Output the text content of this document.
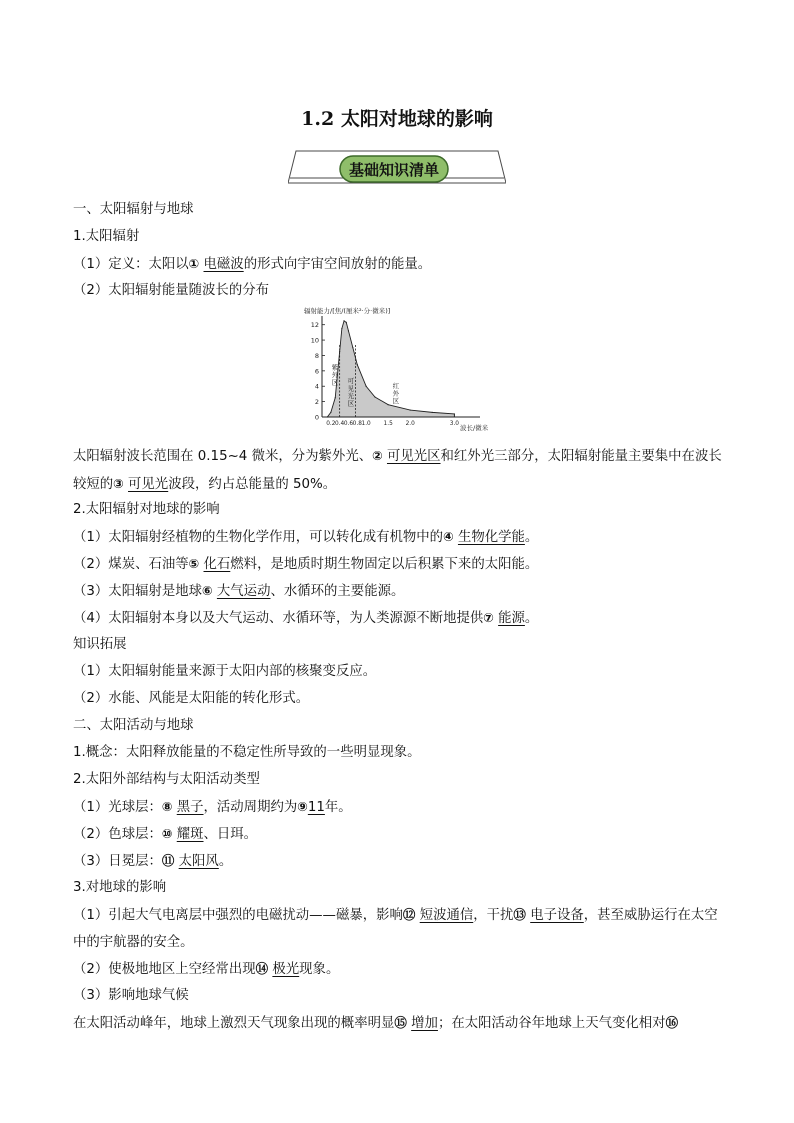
1.2 太阳对地球的影响
基础知识清单
一、太阳辐射与地球
1.太阳辐射
（1）定义：太阳以① 电磁波的形式向宇宙空间放射的能量。
（2）太阳辐射能量随波长的分布
辐射能力/[焦/(厘米²·分·微米)]
0
2
4
6
8
10
12
0.2 0.4 0.6 0.8 1.0 1.5 2.0	3.0
紫外区 可见光区
红外区
波长/微米
太阳辐射波长范围在 0.15~4 微米，分为紫外光、② 可见光区和红外光三部分，太阳辐射能量主要集中在波长较短的③ 可见光波段，约占总能量的 50%。
2.太阳辐射对地球的影响
（1）太阳辐射经植物的生物化学作用，可以转化成有机物中的④ 生物化学能。
（2）煤炭、石油等⑤ 化石燃料，是地质时期生物固定以后积累下来的太阳能。
（3）太阳辐射是地球⑥ 大气运动、水循环的主要能源。
（4）太阳辐射本身以及大气运动、水循环等，为人类源源不断地提供⑦ 能源。
知识拓展
（1）太阳辐射能量来源于太阳内部的核聚变反应。
（2）水能、风能是太阳能的转化形式。
二、太阳活动与地球
1.概念：太阳释放能量的不稳定性所导致的一些明显现象。
2.太阳外部结构与太阳活动类型
（1）光球层：⑧ 黑子，活动周期约为⑨11年。
（2）色球层：⑩ 耀斑、日珥。
（3）日冕层：⑪ 太阳风。
3.对地球的影响
（1）引起大气电离层中强烈的电磁扰动——磁暴，影响⑫ 短波通信，干扰⑬ 电子设备，甚至威胁运行在太空中的宇航器的安全。
（2）使极地地区上空经常出现⑭ 极光现象。
（3）影响地球气候
在太阳活动峰年，地球上激烈天气现象出现的概率明显⑮ 增加；在太阳活动谷年地球上天气变化相对⑯
